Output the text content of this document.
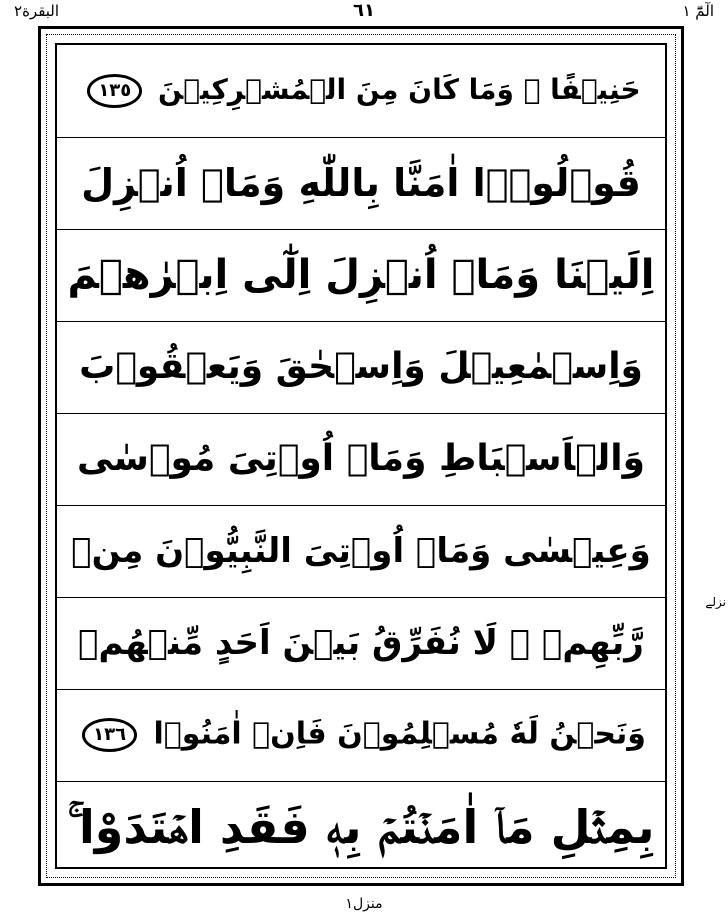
البقرة۲	٦١	الٓمّٓ ١
حَنِيۡفًا ۚ وَمَا كَانَ مِنَ الۡمُشۡرِكِيۡنَ ١٣٥
قُوۡلُوۡۤا اٰمَنَّا بِاللّٰهِ وَمَاۤ اُنۡزِلَ
اِلَيۡنَا وَمَاۤ اُنۡزِلَ اِلٰٓى اِبۡرٰهٖمَ
وَاِسۡمٰعِيۡلَ وَاِسۡحٰقَ وَيَعۡقُوۡبَ
وَالۡاَسۡبَاطِ وَمَاۤ اُوۡتِىَ مُوۡسٰى
وَعِيۡسٰى وَمَاۤ اُوۡتِىَ النَّبِيُّوۡنَ مِنۡ
رَّبِّهِمۡ ۚ لَا نُفَرِّقُ بَيۡنَ اَحَدٍ مِّنۡهُمۡ
وَنَحۡنُ لَهٗ مُسۡلِمُوۡنَ فَاِنۡ اٰمَنُوۡا ١٣٦
بِمِثۡلِ مَاۤ اٰمَنۡتُمۡ بِهٖ فَقَدِ اهۡتَدَوْا ۚ
نزلے
منزل١
